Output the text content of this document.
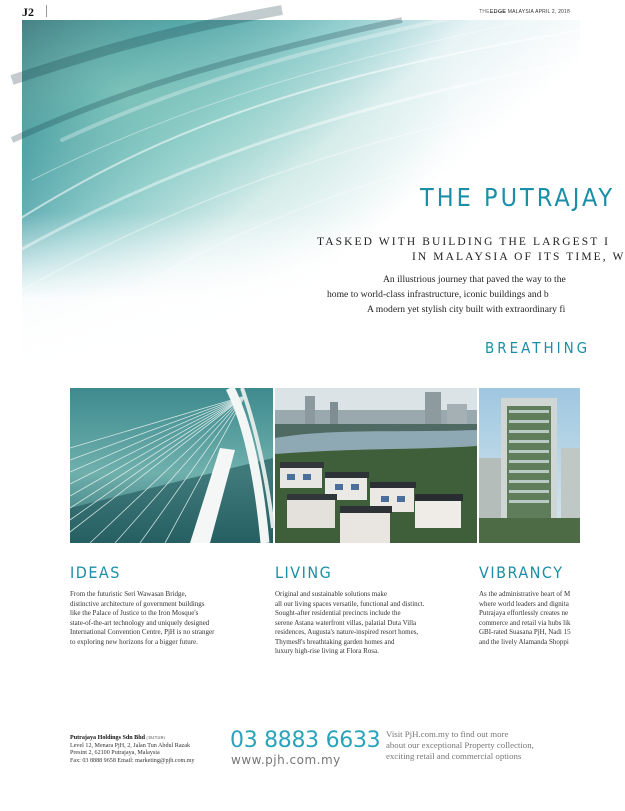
J2	THEEDGE MALAYSIA APRIL 2, 2018
THE PUTRAJAY
TASKED WITH BUILDING THE LARGEST I
IN MALAYSIA OF ITS TIME, W
An illustrious journey that paved the way to the
home to world-class infrastructure, iconic buildings and b
A modern yet stylish city built with extraordinary fi
BREATHING
IDEAS
From the futuristic Seri Wawasan Bridge,
distinctive architecture of government buildings
like the Palace of Justice to the Iron Mosque's
state-of-the-art technology and uniquely designed
International Convention Centre, PjH is no stranger
to exploring new horizons for a bigger future.
LIVING
Original and sustainable solutions make
all our living spaces versatile, functional and distinct.
Sought-after residential precincts include the
serene Astana waterfront villas, palatial Duta Villa
residences, Augusta's nature-inspired resort homes,
Thymes8's breathtaking garden homes and
luxury high-rise living at Flora Rosa.
VIBRANCY
As the administrative heart of M
where world leaders and dignita
Putrajaya effortlessly creates ne
commerce and retail via hubs lik
GBI-rated Suasana PjH, Nadi 15
and the lively Alamanda Shoppi
Putrajaya Holdings Sdn Bhd (384702H)
Level 12, Menara PjH, 2, Jalan Tun Abdul Razak
Presint 2, 62100 Putrajaya, Malaysia
Fax: 03 8888 9658 Email: marketing@pjh.com.my
03 8883 6633
www.pjh.com.my
Visit PjH.com.my to find out more
about our exceptional Property collection,
exciting retail and commercial options
